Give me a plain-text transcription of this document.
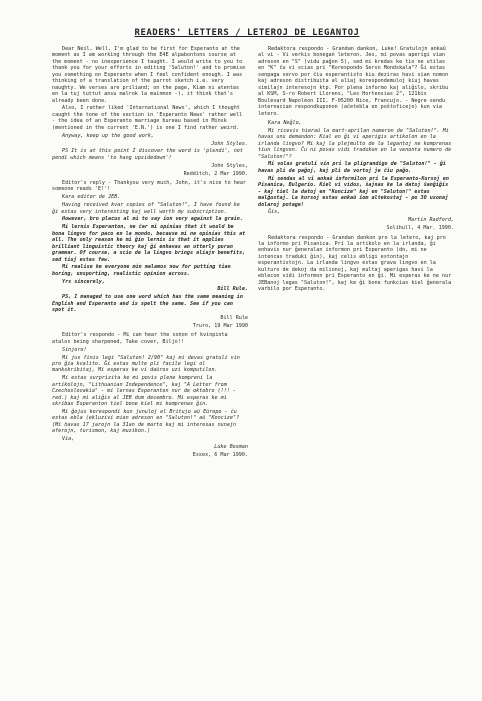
READERS' LETTERS / LETEROJ DE LEGANTOJ

Dear Neil, Well, I'm glad to be first for Esperanto at the moment as I am working through the E4E alpabontons course at the moment - no inexperience I taught. I would write to you to thank you for your efforts in editing 'Saluton!' and to promise you something on Esperanto when I feel confident enough. I was thinking of a translation of the parrot sketch i.e. very naughty. We verses are priliand; on the page, Kiam ni atentas en la tuj tuttut ansu malrok la mainmon -), it think that's already been done.

Also, I rather liked 'International News', which I thought caught the tone of the section in 'Esperanto News' rather well - the idea of an Esperanto marriage bureau based in Minsk (mentioned in the current 'E.N.') is one I find rather weird.

Anyway, keep up the good work,

John Styles.

PS It is at this point I discover the word is 'plendi', not pendi which means 'to hang upsidedown'!

John Styles,

Redditch, 2 Mar 1990.

Editor's reply - Thankyou very much, John, it's nice to hear someone reads 'E!'!

Kara editor de JEB.

Having received kvar copies of "Saluton!", I have found ke ĝi estas very interesting kaj well worth my subscription.

However, bro placus al mi to say ion very against la grain.

Mi lernis Esperanton, ne ĉar mi opinias that it would be bona lingvo for paco en la mondo, because mi ne opinias this at all. The only reason ke mi ĝin lernis is that it applies brilliant linguistic theory kaj ĝi enhavas an utterly puran grammar. Of course, a scio de la lingvo brings aliajn benefits, sed tiuj estas few.

Mi realise ke everyone min malamos now for putting tian boring, unsporting, realistic opinion across.

Yrs sincerely,

Bill Rule.

PS, I managed to use one word which has the same meaning in English and Esperanto and is spelt the same. See if you can spot it.

Bill Rule

Truro, 19 Mar 1990

Editor's respondo - Mi can hear the sonon of kvinpinta atalos being sharpened, Take cover, Biljo!!

Sinjoro!

Mi jus finis legi "Saluton! 2/90" kaj mi devas gratuli vin pro ĝia kvalito. Ĝi estas multe pli facile legi ol mankskribitaj, Mi esperas ke vi daŭros uzi komputilon.

Mi estas surprizita ke mi povis plene kompreni la artikolojn, "Lithuanian Independence", kaj "A Letter from Czechoslovakia" - mi lernas Esperanton nur de oktobro (!!! - red.) kaj mi aliĝis al JEB dum decembro. Mi esperas ke mi skribas Esperanton tiel bone kiel mi komprenas ĝin.

Mi ĝojus korespondi kun junuloj el Britujo aŭ Eŭropo - ĉu estas ebla (ekluzivi mian adreson en "Saluton!" aŭ "Koncize"? (Mi havas 17 jarojn la 31an de marto kaj mi interesas nunajn aferojn, turismon, kaj muzikon.)

Via,

Luke Bosman

Essex, 6 Mar 1990.

Redaktora respondo - Grandan dankon, Luke! Gratulojn ankaŭ al vi - Vi verkis bonegan leteron. Jes, mi povas aperigi vian adreson en "S" (vidu paĝon 5), sed mi kredas ke tio ne utilas en "K" ĉu vi scias pri "Korespondo Servo Mondskala"? Ĝi estas senpaga servo por ĉiu esperantisto kiu deziras havi sian nomon kaj adreson distribuita al aliaj korespondemuloj kiuj havas similajn interesojn ktp. Por plena informo kaj aliĝilo, skribu al KSM, S-ro Robert Llorens, "Les Hortensias 2", 121bis Boulevard Napoléon III, F-05200 Nice, Francujo. - Negre sendu internacian respondkuponon (aĉetebla en poŝtoficejo) kun via letero.

Kara Neĝlo,

Mi ricevis hieraŭ la mart-aprilan numeron de "Saluton!". Mi havas unu demandon: Kial en ĝi vi aperigis artikolon en la irlanda lingvo? Mi kaj la plejmulto de la legantoj ne komprenas tiun lingvon. Ĉu ni povas vidi tradukon en la venonta numero de "Saluton!"?

Mi volas gratuli vin pri la pligrandigo de "Saluton!" - ĝi havas pli da paĝoj, kaj pli da vortoj je ĉiu paĝo.

Mi sendas al vi ankaŭ informilon pri la Esperanto-Kursoj en Pisanica, Bulgario. Kiel vi vidos, ŝajnas ke la datoj ŝanĝiĝis - kaj tiel la datoj en "Koncize" kaj en "Saluton!" estas malĝustaj. La kursoj estas ankaŭ iom altekostaj - po 30 usonaj dolaroj potage!

Ĝis,

Martin Radford,

Solihull, 4 Mar. 1990.

Redaktora respondo - Grandan dankon pro la letero, kaj pro la informo pri Pisanica. Pri la artikolo en la irlanda, ĝi enhavis nur ĝeneralan informon pri Esperanto (do, mi ne intencas traduki ĝin), kaj celis ebligi estontajn esperantistojn. La irlanda lingvo estas grava lingvo en la kulturo de dekoj da milionoj, kaj multaj aperigas havi la eblecon vidi informon pri Esperanto en ĝi. Mi esperas ke ne nur JEBanoj legas "Saluton!", kaj ke ĝi bone funkcias kiel ĝenerala varbilo por Esperanto.
